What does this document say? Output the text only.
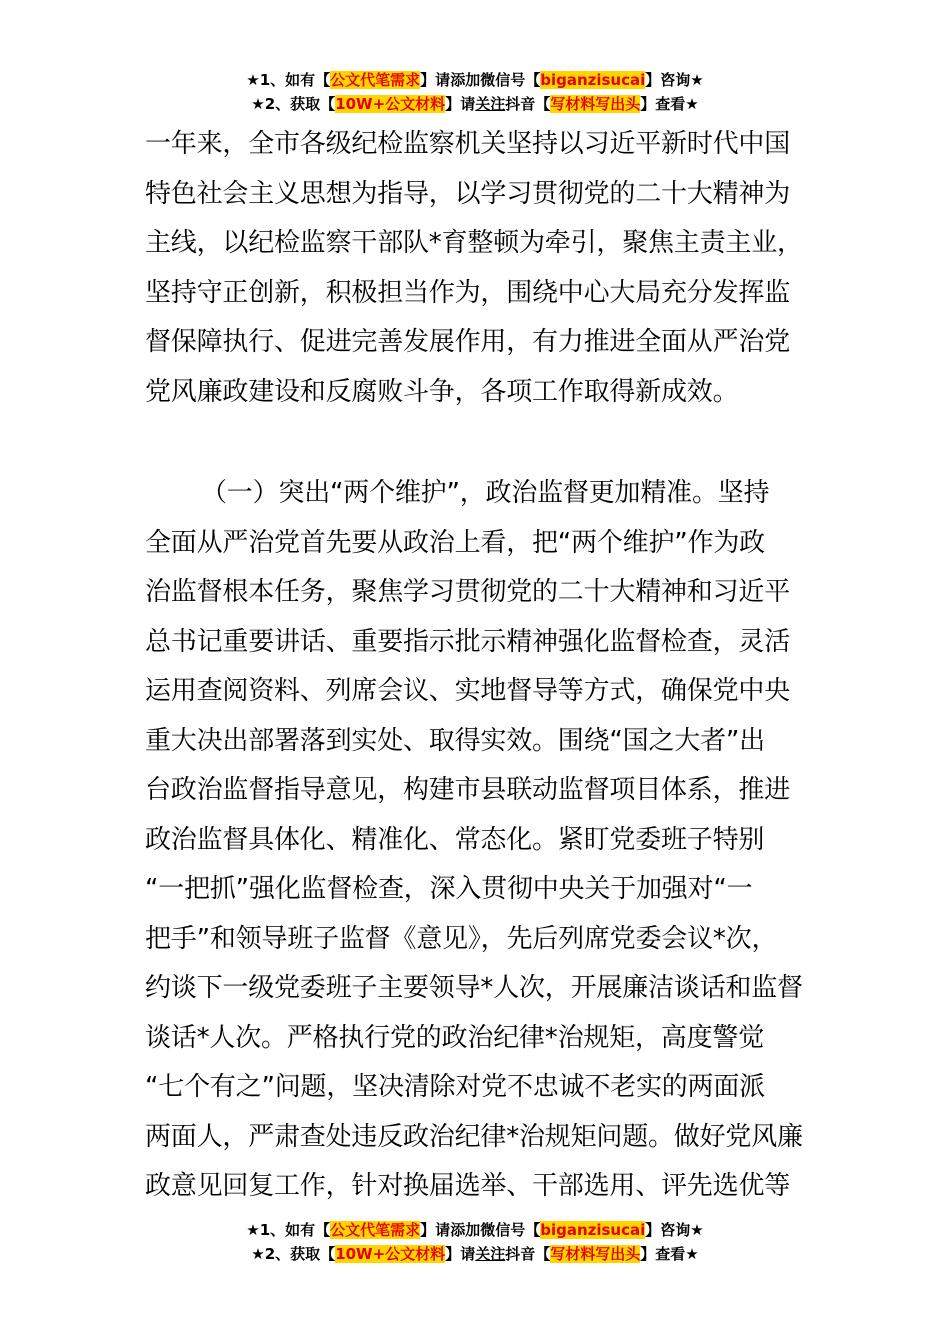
★1、如有【公文代笔需求】请添加微信号【biganzisucai】咨询★
★2、获取【10W+公文材料】请关注抖音【写材料写出头】查看★
一年来，全市各级纪检监察机关坚持以习近平新时代中国
特色社会主义思想为指导，以学习贯彻党的二十大精神为
主线，以纪检监察干部队*育整顿为牵引，聚焦主责主业，
坚持守正创新，积极担当作为，围绕中心大局充分发挥监
督保障执行、促进完善发展作用，有力推进全面从严治党
党风廉政建设和反腐败斗争，各项工作取得新成效。
（一）突出“两个维护”，政治监督更加精准。坚持
全面从严治党首先要从政治上看，把“两个维护”作为政
治监督根本任务，聚焦学习贯彻党的二十大精神和习近平
总书记重要讲话、重要指示批示精神强化监督检查，灵活
运用查阅资料、列席会议、实地督导等方式，确保党中央
重大决出部署落到实处、取得实效。围绕“国之大者”出
台政治监督指导意见，构建市县联动监督项目体系，推进
政治监督具体化、精准化、常态化。紧盯党委班子特别
“一把抓”强化监督检查，深入贯彻中央关于加强对“一
把手”和领导班子监督《意见》，先后列席党委会议*次，
约谈下一级党委班子主要领导*人次，开展廉洁谈话和监督
谈话*人次。严格执行党的政治纪律*治规矩，高度警觉
“七个有之”问题，坚决清除对党不忠诚不老实的两面派
两面人，严肃查处违反政治纪律*治规矩问题。做好党风廉
政意见回复工作，针对换届选举、干部选用、评先选优等
★1、如有【公文代笔需求】请添加微信号【biganzisucai】咨询★
★2、获取【10W+公文材料】请关注抖音【写材料写出头】查看★
